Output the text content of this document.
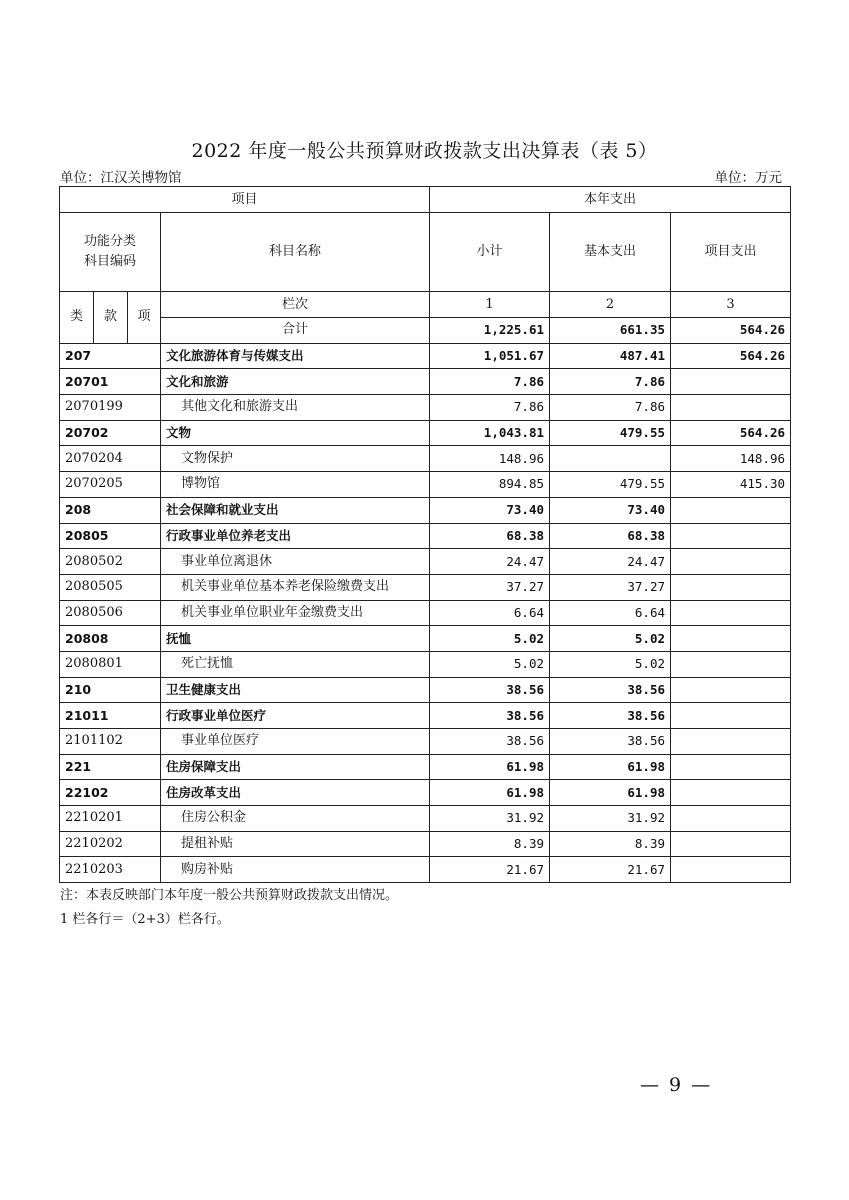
2022 年度一般公共预算财政拨款支出决算表（表 5）
单位：江汉关博物馆	单位：万元
项目				本年支出		

功能分类
科目编码			科目名称	小计	基本支出	项目支出
类	款	项	栏次	1	2	3
			合计	1,225.61	661.35	564.26
207			文化旅游体育与传媒支出	1,051.67	487.41	564.26
20701			文化和旅游	7.86	7.86	
2070199			其他文化和旅游支出	7.86	7.86	
20702			文物	1,043.81	479.55	564.26
2070204			文物保护	148.96		148.96
2070205			博物馆	894.85	479.55	415.30
208			社会保障和就业支出	73.40	73.40	
20805			行政事业单位养老支出	68.38	68.38	
2080502			事业单位离退休	24.47	24.47	
2080505			机关事业单位基本养老保险缴费支出	37.27	37.27	
2080506			机关事业单位职业年金缴费支出	6.64	6.64	
20808			抚恤	5.02	5.02	
2080801			死亡抚恤	5.02	5.02	
210			卫生健康支出	38.56	38.56	
21011			行政事业单位医疗	38.56	38.56	
2101102			事业单位医疗	38.56	38.56	
221			住房保障支出	61.98	61.98	
22102			住房改革支出	61.98	61.98	
2210201			住房公积金	31.92	31.92	
2210202			提租补贴	8.39	8.39	
2210203			购房补贴	21.67	21.67	
注：本表反映部门本年度一般公共预算财政拨款支出情况。
1 栏各行＝（2+3）栏各行。
— 9 —
